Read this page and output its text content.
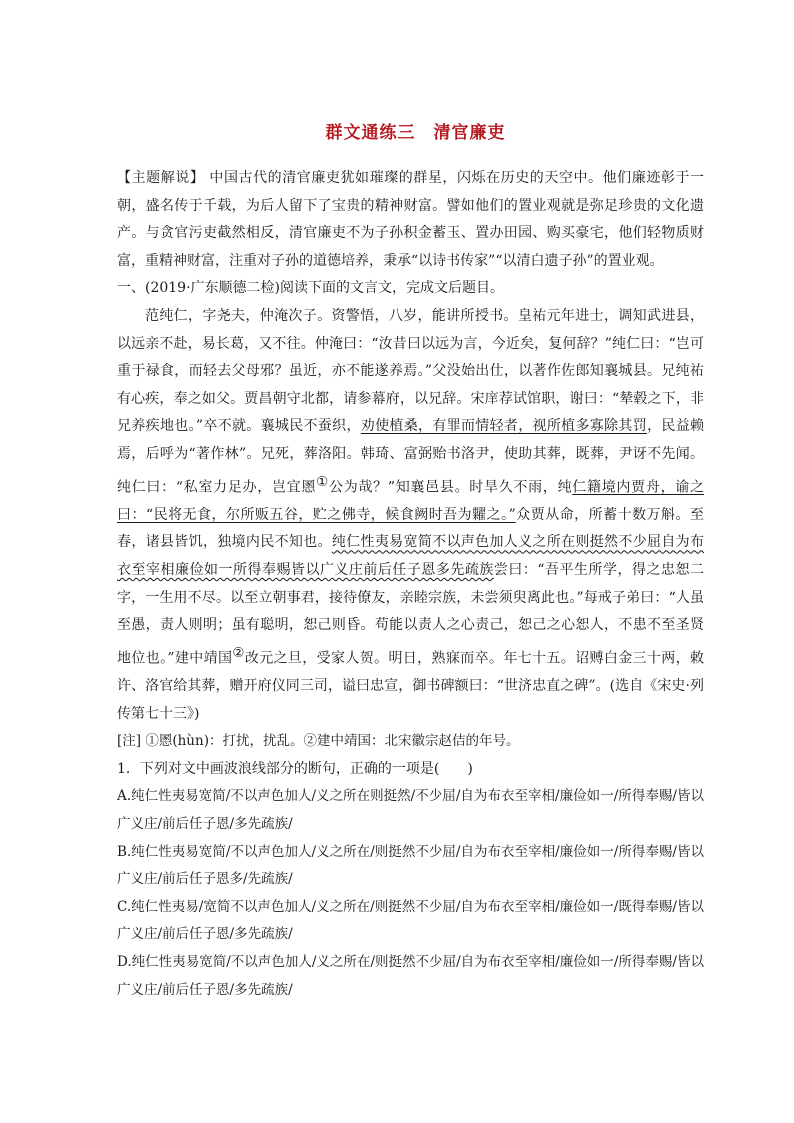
群文通练三 清官廉吏

【主题解说】 中国古代的清官廉吏犹如璀璨的群星，闪烁在历史的天空中。他们廉迹彰于一朝，盛名传于千载，为后人留下了宝贵的精神财富。譬如他们的置业观就是弥足珍贵的文化遗产。与贪官污吏截然相反，清官廉吏不为子孙积金蓄玉、置办田园、购买豪宅，他们轻物质财富，重精神财富，注重对子孙的道德培养，秉承“以诗书传家”“以清白遗子孙”的置业观。

一、(2019·广东顺德二检)阅读下面的文言文，完成文后题目。

范纯仁，字尧夫，仲淹次子。资警悟，八岁，能讲所授书。皇祐元年进士，调知武进县，以远亲不赴，易长葛，又不往。仲淹曰：“汝昔曰以远为言，今近矣，复何辞？”纯仁曰：“岂可重于禄食，而轻去父母邪？虽近，亦不能遂养焉。”父没始出仕，以著作佐郎知襄城县。兄纯祐有心疾，奉之如父。贾昌朝守北都，请参幕府，以兄辞。宋庠荐试馆职，谢曰：“辇毂之下，非兄养疾地也。”卒不就。襄城民不蚕织，劝使植桑，有罪而情轻者，视所植多寡除其罚，民益赖焉，后呼为“著作林”。兄死，葬洛阳。韩琦、富弼贻书洛尹，使助其葬，既葬，尹讶不先闻。纯仁曰：“私室力足办，岂宜慁①公为哉？”知襄邑县。时旱久不雨，纯仁籍境内贾舟，谕之曰：“民将无食，尔所贩五谷，贮之佛寺，候食阙时吾为糶之。”众贾从命，所蓄十数万斛。至春，诸县皆饥，独境内民不知也。纯仁性夷易宽简不以声色加人义之所在则挺然不少屈自为布衣至宰相廉俭如一所得奉赐皆以广义庄前后任子恩多先疏族尝曰：“吾平生所学，得之忠恕二字，一生用不尽。以至立朝事君，接待僚友，亲睦宗族，未尝须臾离此也。”每戒子弟曰：“人虽至愚，责人则明；虽有聪明，恕己则昏。苟能以责人之心责己，恕己之心恕人，不患不至圣贤地位也。”建中靖国②改元之旦，受家人贺。明日，熟寐而卒。年七十五。诏赙白金三十两，敕许、洛官给其葬，赠开府仪同三司，谥曰忠宣，御书碑额曰：“世济忠直之碑”。(选自《宋史·列传第七十三》)

[注] ①慁(hùn)：打扰，扰乱。②建中靖国：北宋徽宗赵佶的年号。

1．下列对文中画波浪线部分的断句，正确的一项是(　　)

A.纯仁性夷易宽简/不以声色加人/义之所在则挺然/不少屈/自为布衣至宰相/廉俭如一/所得奉赐/皆以广义庄/前后任子恩/多先疏族/

B.纯仁性夷易宽简/不以声色加人/义之所在/则挺然不少屈/自为布衣至宰相/廉俭如一/所得奉赐/皆以广义庄/前后任子恩多/先疏族/

C.纯仁性夷易/宽简不以声色加人/义之所在/则挺然不少屈/自为布衣至宰相/廉俭如一/既得奉赐/皆以广义庄/前后任子恩/多先疏族/

D.纯仁性夷易宽简/不以声色加人/义之所在/则挺然不少屈/自为布衣至宰相/廉俭如一/所得奉赐/皆以广义庄/前后任子恩/多先疏族/
